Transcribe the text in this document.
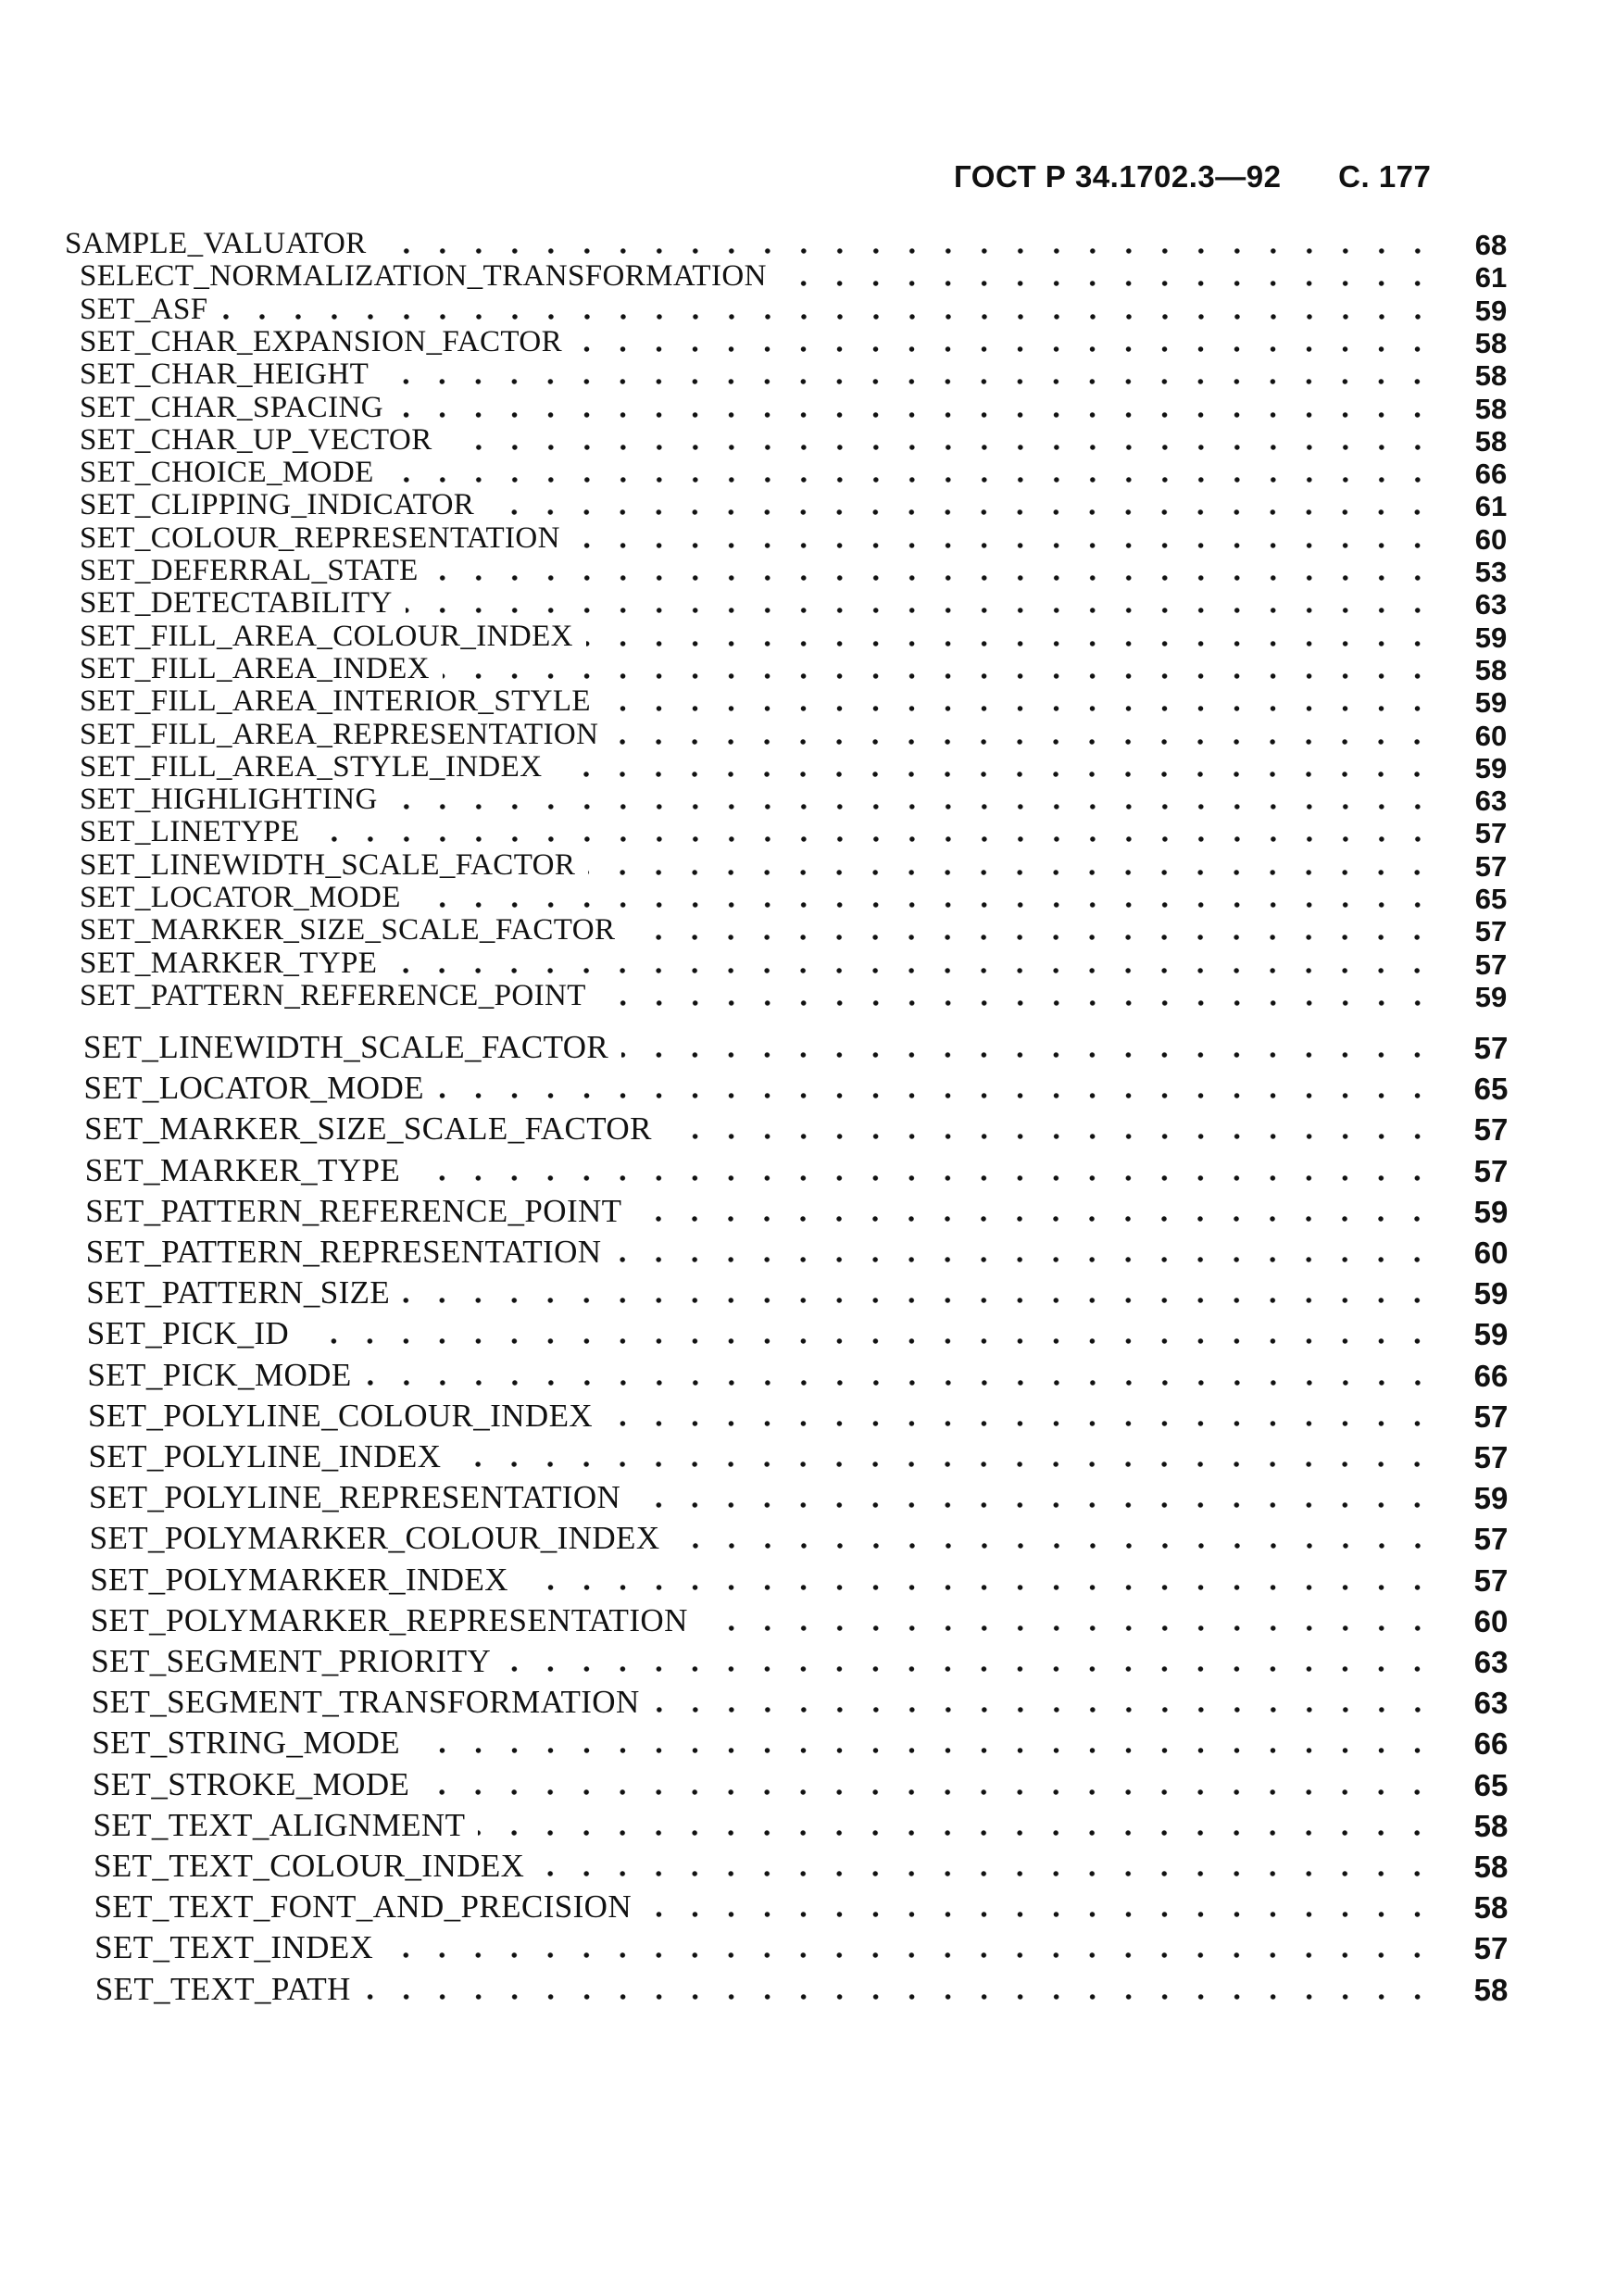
ГОСТ Р 34.1702.3—92 С. 177
SAMPLE_VALUATOR	68
SELECT_NORMALIZATION_TRANSFORMATION	61
SET_ASF	59
SET_CHAR_EXPANSION_FACTOR	58
SET_CHAR_HEIGHT	58
SET_CHAR_SPACING	58
SET_CHAR_UP_VECTOR	58
SET_CHOICE_MODE	66
SET_CLIPPING_INDICATOR	61
SET_COLOUR_REPRESENTATION	60
SET_DEFERRAL_STATE	53
SET_DETECTABILITY	63
SET_FILL_AREA_COLOUR_INDEX	59
SET_FILL_AREA_INDEX	58
SET_FILL_AREA_INTERIOR_STYLE	59
SET_FILL_AREA_REPRESENTATION	60
SET_FILL_AREA_STYLE_INDEX	59
SET_HIGHLIGHTING	63
SET_LINETYPE	57
SET_LINEWIDTH_SCALE_FACTOR	57
SET_LOCATOR_MODE	65
SET_MARKER_SIZE_SCALE_FACTOR	57
SET_MARKER_TYPE	57
SET_PATTERN_REFERENCE_POINT	59
SET_LINEWIDTH_SCALE_FACTOR	57
SET_LOCATOR_MODE	65
SET_MARKER_SIZE_SCALE_FACTOR	57
SET_MARKER_TYPE	57
SET_PATTERN_REFERENCE_POINT	59
SET_PATTERN_REPRESENTATION	60
SET_PATTERN_SIZE	59
SET_PICK_ID	59
SET_PICK_MODE	66
SET_POLYLINE_COLOUR_INDEX	57
SET_POLYLINE_INDEX	57
SET_POLYLINE_REPRESENTATION	59
SET_POLYMARKER_COLOUR_INDEX	57
SET_POLYMARKER_INDEX	57
SET_POLYMARKER_REPRESENTATION	60
SET_SEGMENT_PRIORITY	63
SET_SEGMENT_TRANSFORMATION	63
SET_STRING_MODE	66
SET_STROKE_MODE	65
SET_TEXT_ALIGNMENT	58
SET_TEXT_COLOUR_INDEX	58
SET_TEXT_FONT_AND_PRECISION	58
SET_TEXT_INDEX	57
SET_TEXT_PATH	58
